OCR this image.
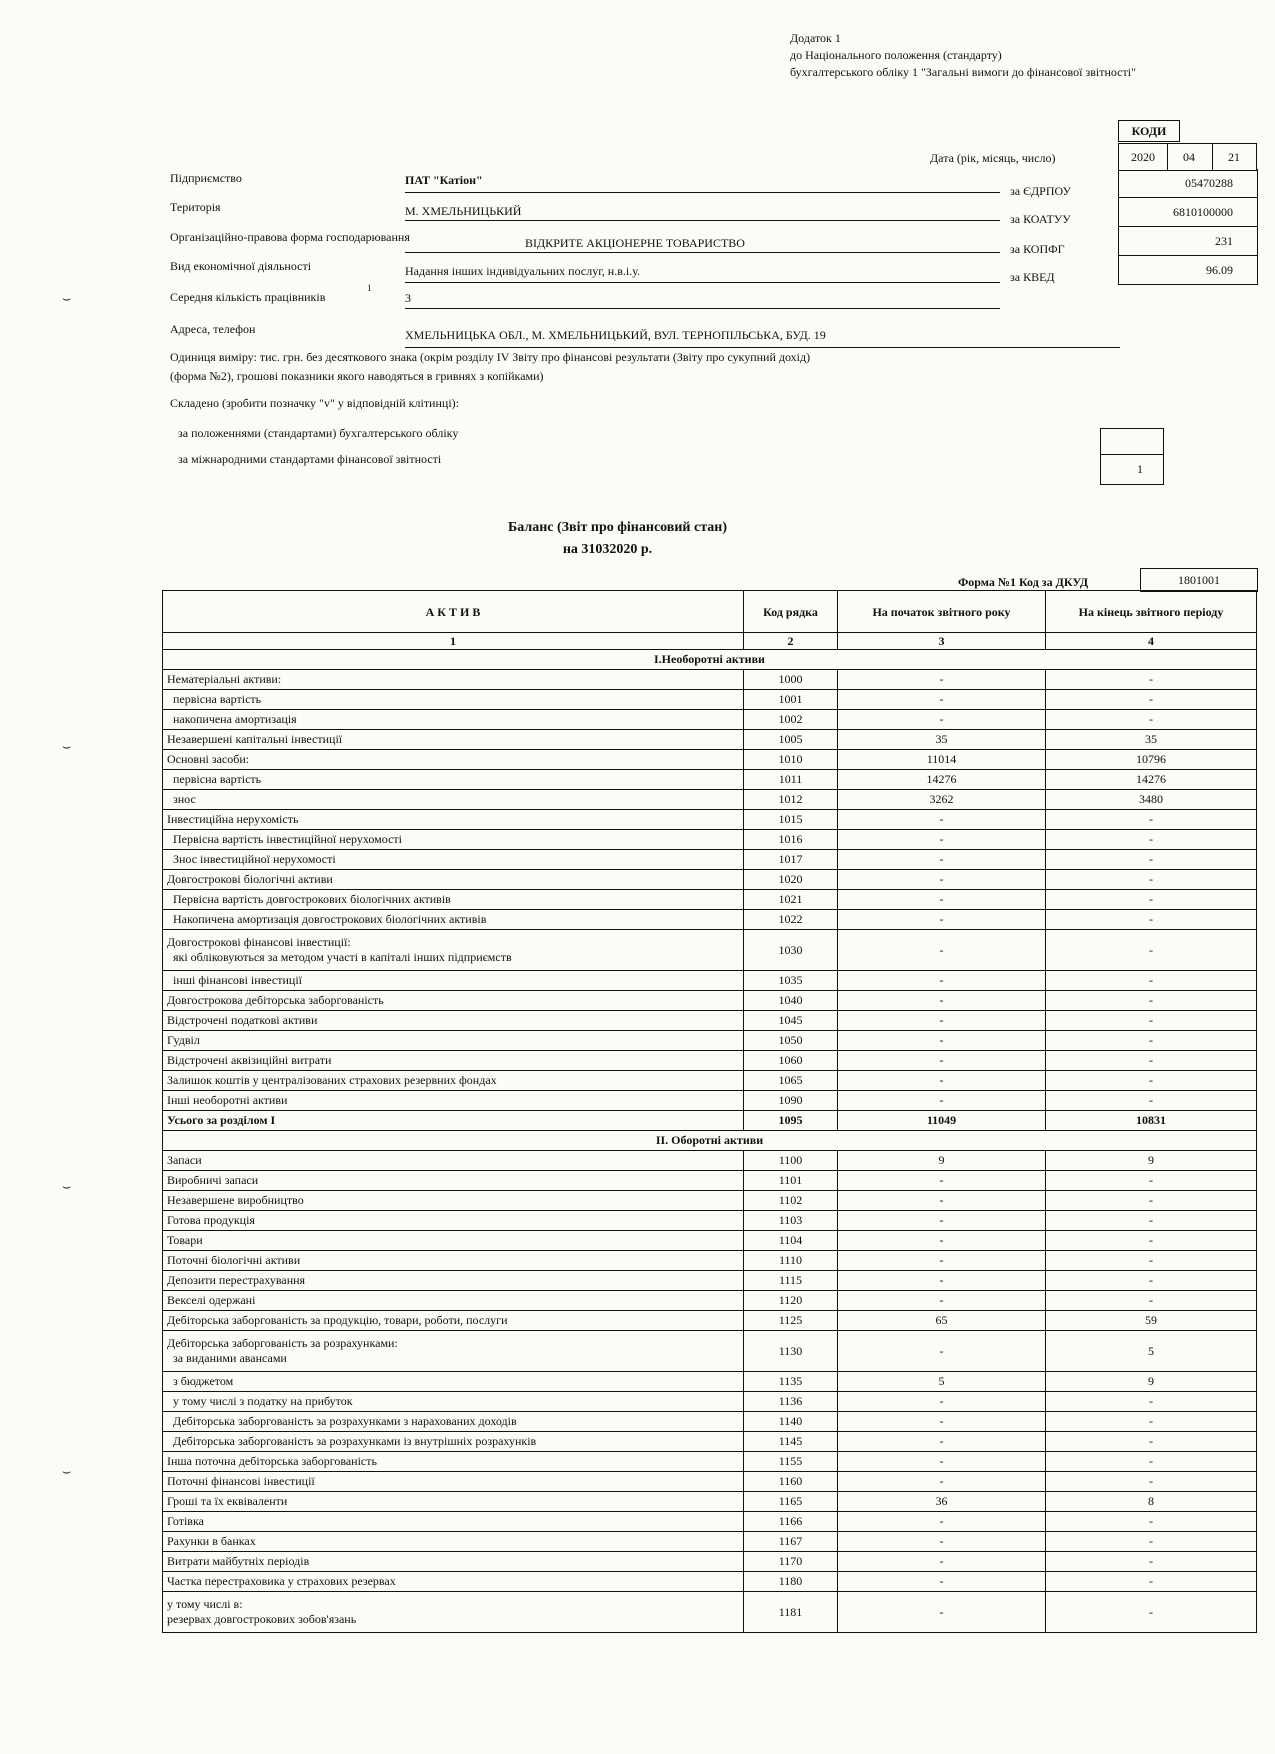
Додаток 1
до Національного положення (стандарту)
бухгалтерського обліку 1 "Загальні вимоги до фінансової звітності"
КОДИ
Дата (рік, місяць, число)	2020	04	21
05470288
6810100000
231
96.09
за ЄДРПОУ
за КОАТУУ
за КОПФГ
за КВЕД
Підприємство	ПАТ "Катіон"
Територія	М. ХМЕЛЬНИЦЬКИЙ
Організаційно-правова форма господарювання	ВІДКРИТЕ АКЦІОНЕРНЕ ТОВАРИСТВО
Вид економічної діяльності	Надання інших індивідуальних послуг, н.в.і.у.
Середня кількість працівників
1
3
Адреса, телефон	ХМЕЛЬНИЦЬКА ОБЛ., М. ХМЕЛЬНИЦЬКИЙ, ВУЛ. ТЕРНОПІЛЬСЬКА, БУД. 19
Одиниця виміру: тис. грн. без десяткового знака (окрім розділу IV Звіту про фінансові результати (Звіту про сукупний дохід)
(форма №2), грошові показники якого наводяться в гривнях з копійками)
Складено (зробити позначку "v" у відповідній клітинці):
за положеннями (стандартами) бухгалтерського обліку
за міжнародними стандартами фінансової звітності
1
Баланс (Звіт про фінансовий стан)
на 31032020 р.
Форма №1 Код за ДКУД	1801001
А К Т И В	Код рядка	На початок звітного року	На кінець звітного періоду
1	2	3	4
І.Необоротні активи			
Нематеріальні активи:	1000	-	-
первісна вартість	1001	-	-
накопичена амортизація	1002	-	-
Незавершені капітальні інвестиції	1005	35	35
Основні засоби:	1010	11014	10796
первісна вартість	1011	14276	14276
знос	1012	3262	3480
Інвестиційна нерухомість	1015	-	-
Первісна вартість інвестиційної нерухомості	1016	-	-
Знос інвестиційної нерухомості	1017	-	-
Довгострокові біологічні активи	1020	-	-
Первісна вартість довгострокових біологічних активів	1021	-	-
Накопичена амортизація довгострокових біологічних активів	1022	-	-

Довгострокові фінансові інвестиції:
які обліковуються за методом участі в капіталі інших підприємств	1030	-	-
інші фінансові інвестиції	1035	-	-
Довгострокова дебіторська заборгованість	1040	-	-
Відстрочені податкові активи	1045	-	-
Гудвіл	1050	-	-
Відстрочені аквізиційні витрати	1060	-	-
Залишок коштів у централізованих страхових резервних фондах	1065	-	-
Інші необоротні активи	1090	-	-
Усього за розділом І	1095	11049	10831
II. Оборотні активи			
Запаси	1100	9	9
Виробничі запаси	1101	-	-
Незавершене виробництво	1102	-	-
Готова продукція	1103	-	-
Товари	1104	-	-
Поточні біологічні активи	1110	-	-
Депозити перестрахування	1115	-	-
Векселі одержані	1120	-	-
Дебіторська заборгованість за продукцію, товари, роботи, послуги	1125	65	59

Дебіторська заборгованість за розрахунками:
за виданими авансами	1130	-	5
з бюджетом	1135	5	9
у тому числі з податку на прибуток	1136	-	-
Дебіторська заборгованість за розрахунками з нарахованих доходів	1140	-	-
Дебіторська заборгованість за розрахунками із внутрішніх розрахунків	1145	-	-
Інша поточна дебіторська заборгованість	1155	-	-
Поточні фінансові інвестиції	1160	-	-
Гроші та їх еквіваленти	1165	36	8
Готівка	1166	-	-
Рахунки в банках	1167	-	-
Витрати майбутніх періодів	1170	-	-
Частка перестраховика у страхових резервах	1180	-	-

у тому числі в:
резервах довгострокових зобов'язань	1181	-	-
⌣
⌣
⌣
⌣
